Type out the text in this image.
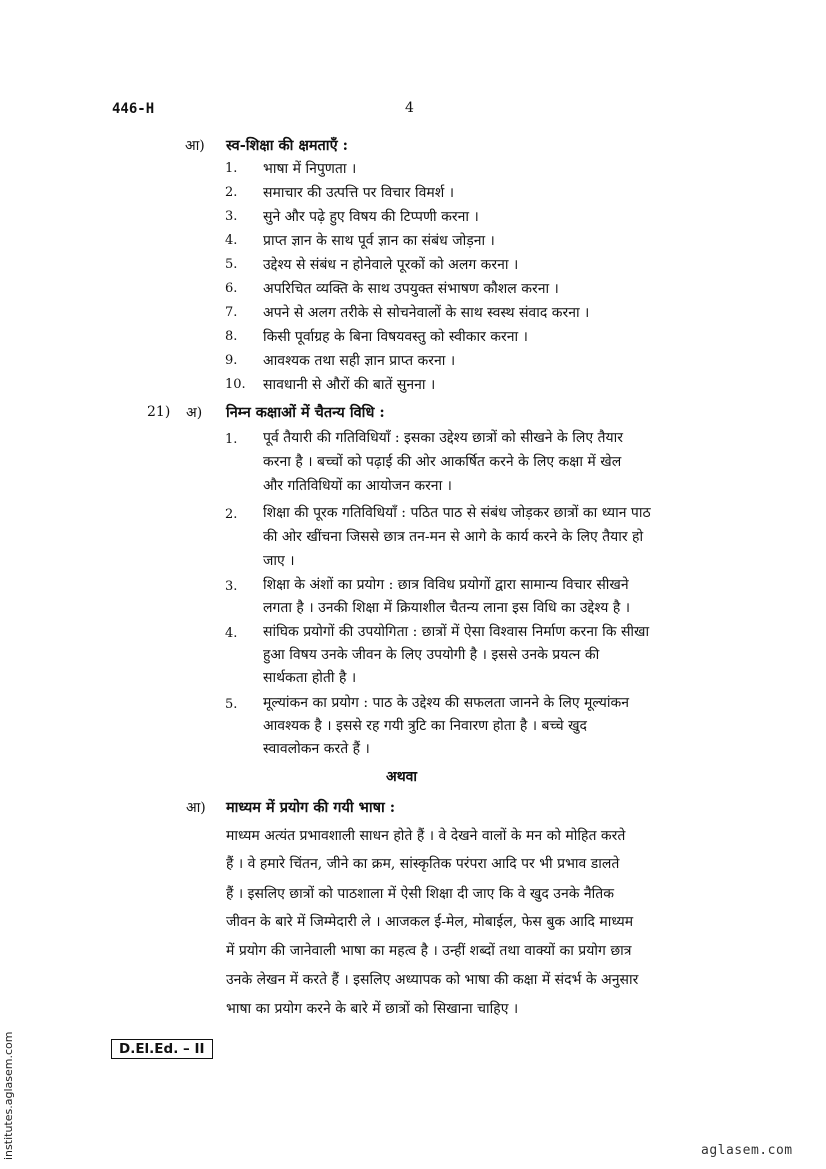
446-H	4
आ) स्व-शिक्षा की क्षमताएँ :
1.	भाषा में निपुणता ।
2.	समाचार की उत्पत्ति पर विचार विमर्श ।
3.	सुने और पढ़े हुए विषय की टिप्पणी करना ।
4.	प्राप्त ज्ञान के साथ पूर्व ज्ञान का संबंध जोड़ना ।
5.	उद्देश्य से संबंध न होनेवाले पूरकों को अलग करना ।
6.	अपरिचित व्यक्ति के साथ उपयुक्त संभाषण कौशल करना ।
7.	अपने से अलग तरीके से सोचनेवालों के साथ स्वस्थ संवाद करना ।
8.	किसी पूर्वाग्रह के बिना विषयवस्तु को स्वीकार करना ।
9.	आवश्यक तथा सही ज्ञान प्राप्त करना ।
10.	सावधानी से औरों की बातें सुनना ।
21) अ) निम्न कक्षाओं में चैतन्य विधि :
1.	पूर्व तैयारी की गतिविधियाँ : इसका उद्देश्य छात्रों को सीखने के लिए तैयार
करना है । बच्चों को पढ़ाई की ओर आकर्षित करने के लिए कक्षा में खेल
और गतिविधियों का आयोजन करना ।
2.	शिक्षा की पूरक गतिविधियाँ : पठित पाठ से संबंध जोड़कर छात्रों का ध्यान पाठ
की ओर खींचना जिससे छात्र तन-मन से आगे के कार्य करने के लिए तैयार हो
जाए ।
3.	शिक्षा के अंशों का प्रयोग : छात्र विविध प्रयोगों द्वारा सामान्य विचार सीखने
लगता है । उनकी शिक्षा में क्रियाशील चैतन्य लाना इस विधि का उद्देश्य है ।
4.	सांघिक प्रयोगों की उपयोगिता : छात्रों में ऐसा विश्वास निर्माण करना कि सीखा
हुआ विषय उनके जीवन के लिए उपयोगी है । इससे उनके प्रयत्न की
सार्थकता होती है ।
5.	मूल्यांकन का प्रयोग : पाठ के उद्देश्य की सफलता जानने के लिए मूल्यांकन
आवश्यक है । इससे रह गयी त्रुटि का निवारण होता है । बच्चे खुद
स्वावलोकन करते हैं ।
अथवा
आ) माध्यम में प्रयोग की गयी भाषा :
माध्यम अत्यंत प्रभावशाली साधन होते हैं । वे देखने वालों के मन को मोहित करते
हैं । वे हमारे चिंतन, जीने का क्रम, सांस्कृतिक परंपरा आदि पर भी प्रभाव डालते
हैं । इसलिए छात्रों को पाठशाला में ऐसी शिक्षा दी जाए कि वे खुद उनके नैतिक
जीवन के बारे में जिम्मेदारी ले । आजकल ई-मेल, मोबाईल, फेस बुक आदि माध्यम
में प्रयोग की जानेवाली भाषा का महत्व है । उन्हीं शब्दों तथा वाक्यों का प्रयोग छात्र
उनके लेखन में करते हैं । इसलिए अध्यापक को भाषा की कक्षा में संदर्भ के अनुसार
भाषा का प्रयोग करने के बारे में छात्रों को सिखाना चाहिए ।
D.El.Ed. – II
institutes.aglasem.com	aglasem.com
